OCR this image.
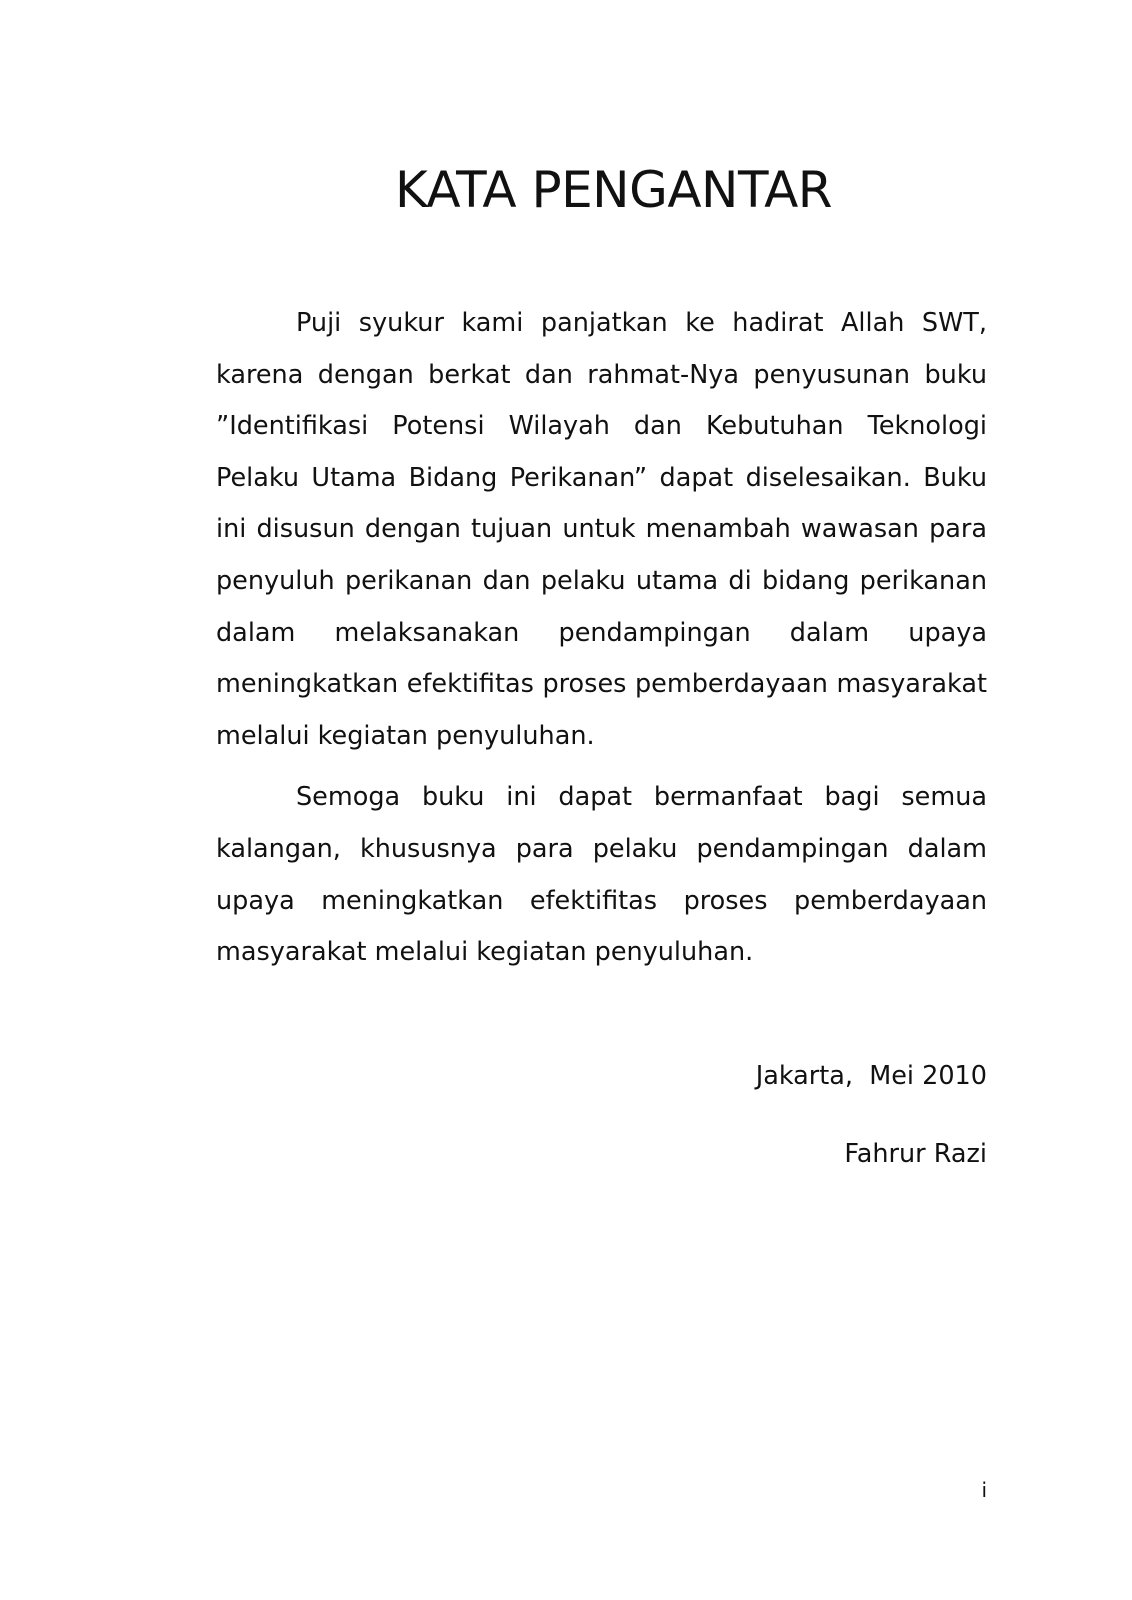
KATA PENGANTAR

Puji syukur kami panjatkan ke hadirat Allah SWT, karena dengan berkat dan rahmat-Nya penyusunan buku ”Identifikasi Potensi Wilayah dan Kebutuhan Teknologi Pelaku Utama Bidang Perikanan” dapat diselesaikan. Buku ini disusun dengan tujuan untuk menambah wawasan para penyuluh perikanan dan pelaku utama di bidang perikanan dalam melaksanakan pendampingan dalam upaya meningkatkan efektifitas proses pemberdayaan masyarakat melalui kegiatan penyuluhan.

Semoga buku ini dapat bermanfaat bagi semua kalangan, khususnya para pelaku pendampingan dalam upaya meningkatkan efektifitas proses pemberdayaan masyarakat melalui kegiatan penyuluhan.

Jakarta,  Mei 2010
Fahrur Razi
i
